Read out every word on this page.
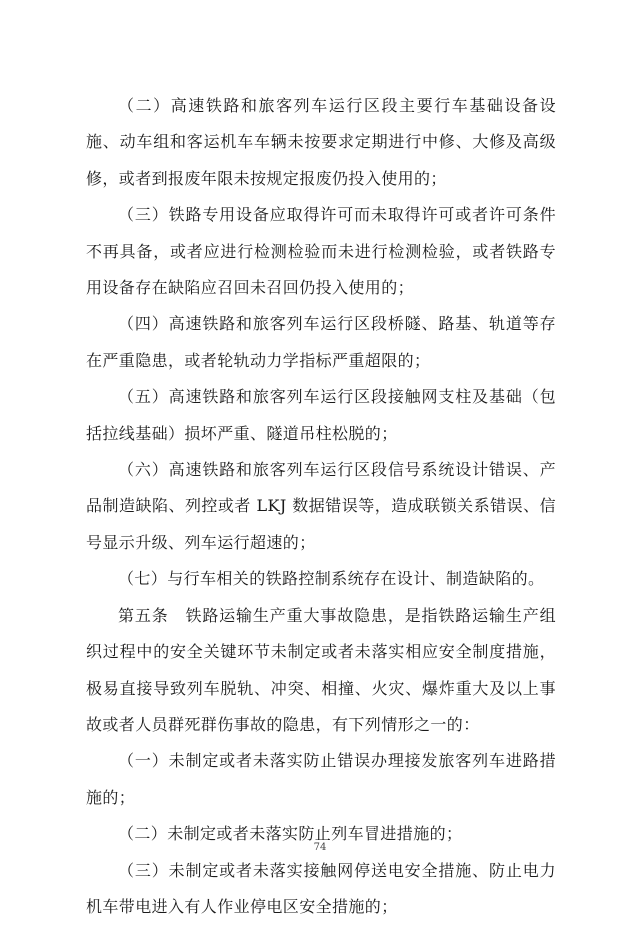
（二）高速铁路和旅客列车运行区段主要行车基础设备设施、动车组和客运机车车辆未按要求定期进行中修、大修及高级修，或者到报废年限未按规定报废仍投入使用的；

（三）铁路专用设备应取得许可而未取得许可或者许可条件不再具备，或者应进行检测检验而未进行检测检验，或者铁路专用设备存在缺陷应召回未召回仍投入使用的；

（四）高速铁路和旅客列车运行区段桥隧、路基、轨道等存在严重隐患，或者轮轨动力学指标严重超限的；

（五）高速铁路和旅客列车运行区段接触网支柱及基础（包括拉线基础）损坏严重、隧道吊柱松脱的；

（六）高速铁路和旅客列车运行区段信号系统设计错误、产品制造缺陷、列控或者 LKJ 数据错误等，造成联锁关系错误、信号显示升级、列车运行超速的；

（七）与行车相关的铁路控制系统存在设计、制造缺陷的。

第五条　铁路运输生产重大事故隐患，是指铁路运输生产组织过程中的安全关键环节未制定或者未落实相应安全制度措施，极易直接导致列车脱轨、冲突、相撞、火灾、爆炸重大及以上事故或者人员群死群伤事故的隐患，有下列情形之一的：

（一）未制定或者未落实防止错误办理接发旅客列车进路措施的；

（二）未制定或者未落实防止列车冒进措施的；

（三）未制定或者未落实接触网停送电安全措施、防止电力机车带电进入有人作业停电区安全措施的；

74
